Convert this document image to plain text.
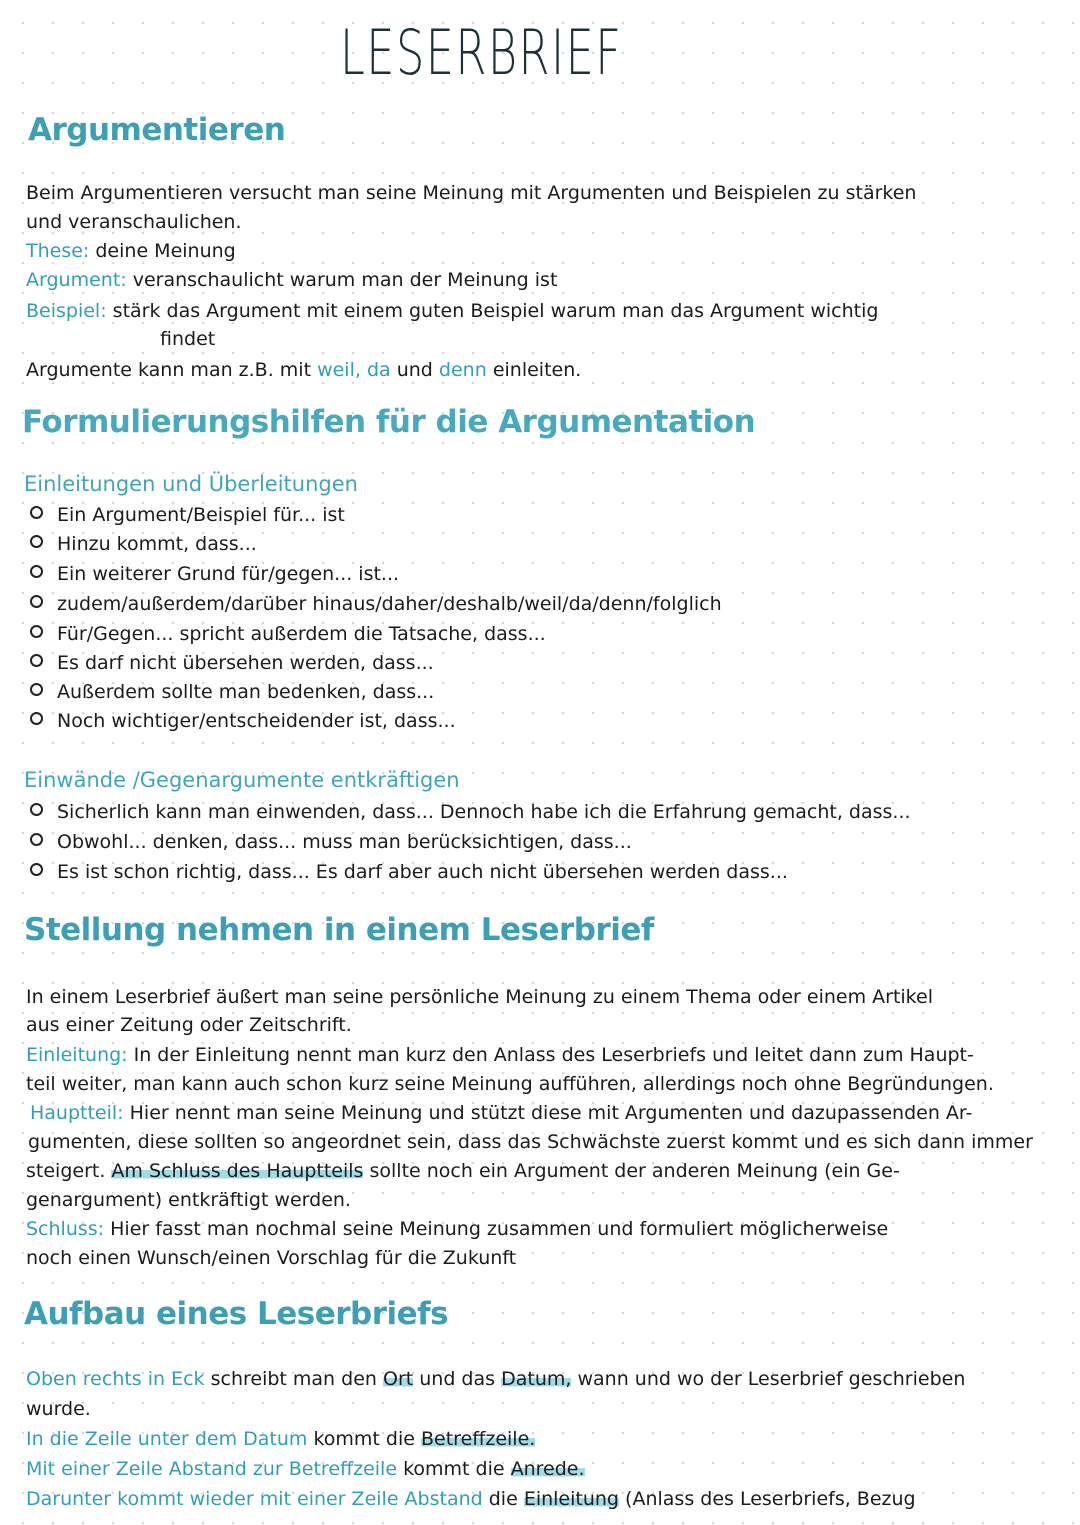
LESERBRIEF
Argumentieren
Beim Argumentieren versucht man seine Meinung mit Argumenten und Beispielen zu stärken
und veranschaulichen.
These: deine Meinung
Argument: veranschaulicht warum man der Meinung ist
Beispiel: stärk das Argument mit einem guten Beispiel warum man das Argument wichtig
findet
Argumente kann man z.B. mit weil, da und denn einleiten.
Formulierungshilfen für die Argumentation
Einleitungen und Überleitungen
Ein Argument/Beispiel für... ist
Hinzu kommt, dass...
Ein weiterer Grund für/gegen... ist...
zudem/außerdem/darüber hinaus/daher/deshalb/weil/da/denn/folglich
Für/Gegen... spricht außerdem die Tatsache, dass...
Es darf nicht übersehen werden, dass...
Außerdem sollte man bedenken, dass...
Noch wichtiger/entscheidender ist, dass...
Einwände /Gegenargumente entkräftigen
Sicherlich kann man einwenden, dass... Dennoch habe ich die Erfahrung gemacht, dass...
Obwohl... denken, dass... muss man berücksichtigen, dass...
Es ist schon richtig, dass... Es darf aber auch nicht übersehen werden dass...
Stellung nehmen in einem Leserbrief
In einem Leserbrief äußert man seine persönliche Meinung zu einem Thema oder einem Artikel
aus einer Zeitung oder Zeitschrift.
Einleitung: In der Einleitung nennt man kurz den Anlass des Leserbriefs und leitet dann zum Haupt-
teil weiter, man kann auch schon kurz seine Meinung aufführen, allerdings noch ohne Begründungen.
Hauptteil: Hier nennt man seine Meinung und stützt diese mit Argumenten und dazupassenden Ar-
gumenten, diese sollten so angeordnet sein, dass das Schwächste zuerst kommt und es sich dann immer
steigert. Am Schluss des Hauptteils sollte noch ein Argument der anderen Meinung (ein Ge-
genargument) entkräftigt werden.
Schluss: Hier fasst man nochmal seine Meinung zusammen und formuliert möglicherweise
noch einen Wunsch/einen Vorschlag für die Zukunft
Aufbau eines Leserbriefs
Oben rechts in Eck schreibt man den Ort und das Datum, wann und wo der Leserbrief geschrieben
wurde.
In die Zeile unter dem Datum kommt die Betreffzeile.
Mit einer Zeile Abstand zur Betreffzeile kommt die Anrede.
Darunter kommt wieder mit einer Zeile Abstand die Einleitung (Anlass des Leserbriefs, Bezug
